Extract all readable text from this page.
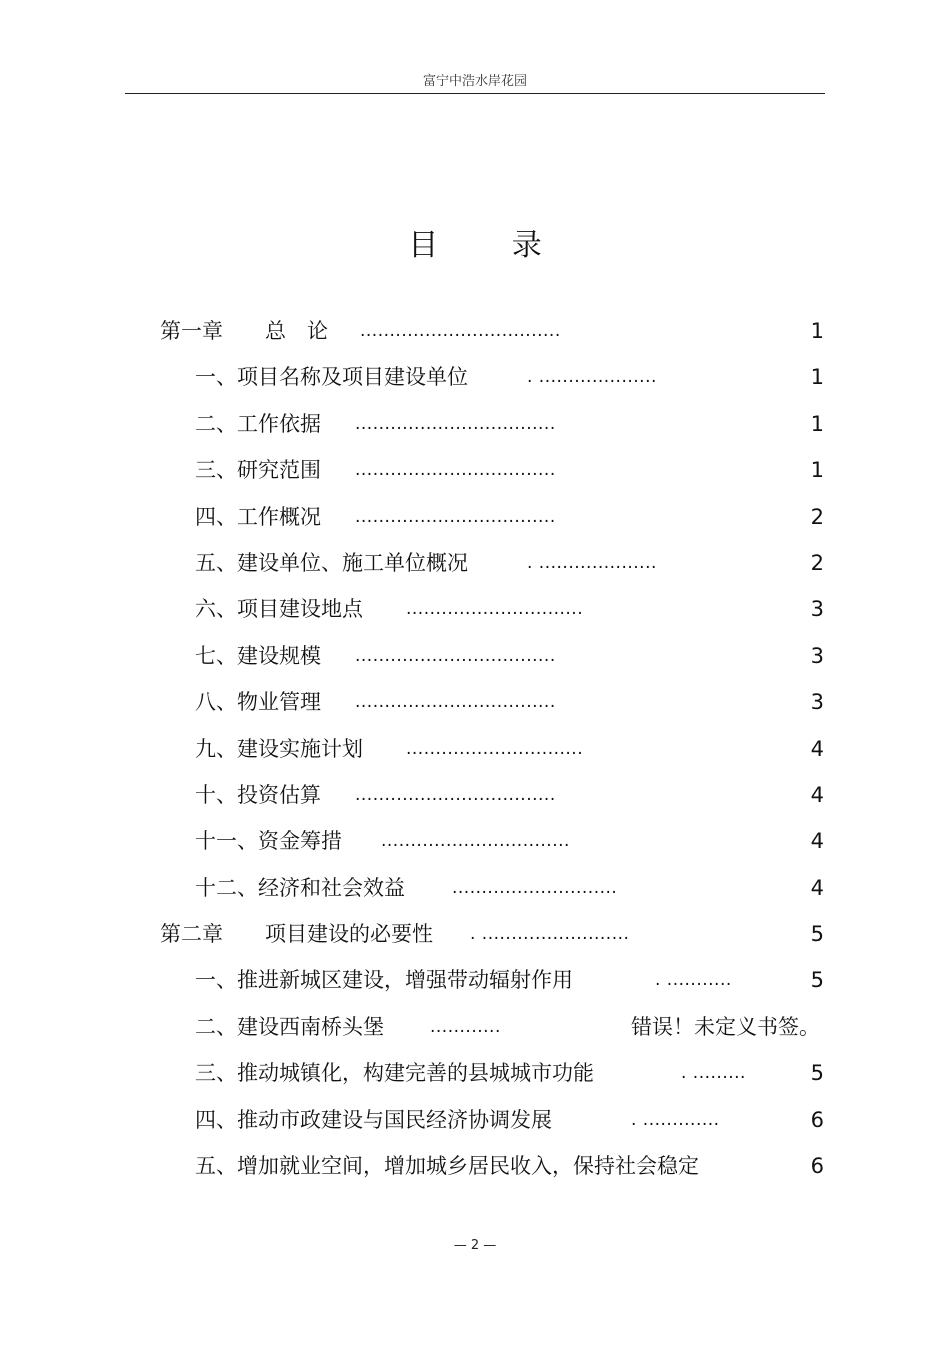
富宁中浩水岸花园
目 录
第一章　　总　论 ..................................	1
一、项目名称及项目建设单位	. ....................	1
二、工作依据 ..................................	1
三、研究范围 ..................................	1
四、工作概况 ..................................	2
五、建设单位、施工单位概况	. ....................	2
六、项目建设地点	..............................	3
七、建设规模 ..................................	3
八、物业管理 ..................................	3
九、建设实施计划	..............................	4
十、投资估算 ..................................	4
十一、资金筹措 ................................	4
十二、经济和社会效益	............................	4
第二章　　项目建设的必要性 . .........................	5
一、推进新城区建设，增强带动辐射作用	. ...........	5
二、建设西南桥头堡	............	错误！未定义书签。
三、推动城镇化，构建完善的县城城市功能	. .........	5
四、推动市政建设与国民经济协调发展	. .............	6
五、增加就业空间，增加城乡居民收入，保持社会稳定	6
— 2 —
